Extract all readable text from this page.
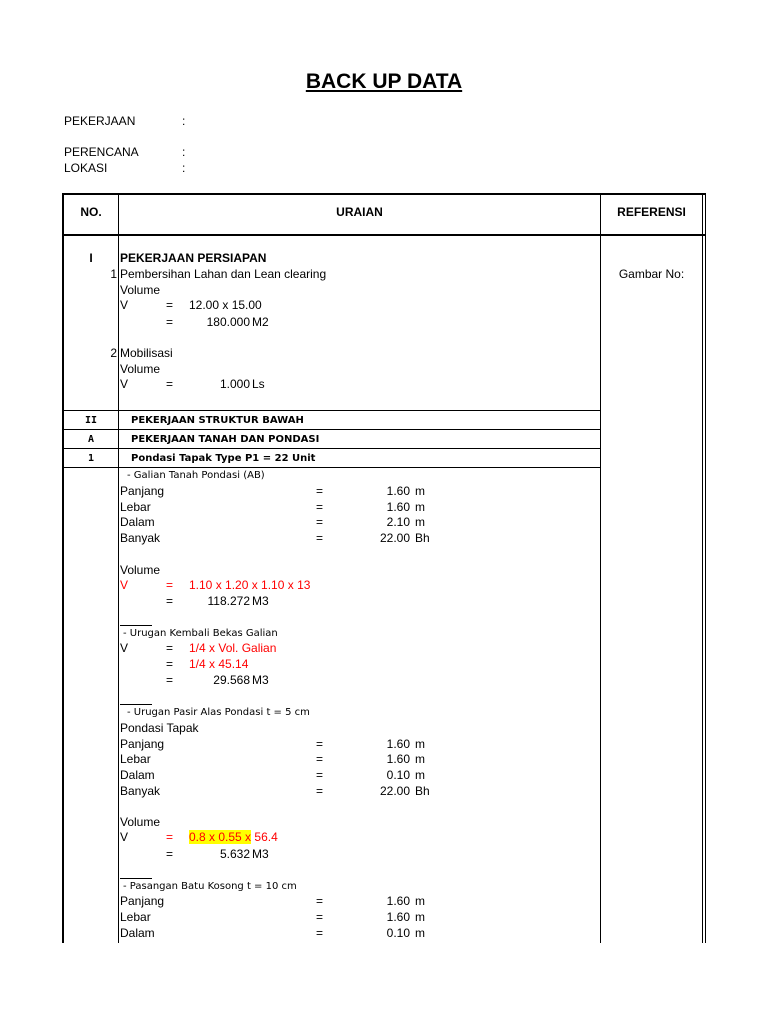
BACK UP DATA
PEKERJAAN	:
PERENCANA	:
LOKASI	:
NO.	URAIAN	REFERENSI
I	PEKERJAAN PERSIAPAN
1 Pembersihan Lahan dan Lean clearing	Gambar No:
Volume
V	= 12.00 x 15.00
=	180.000 M2
2 Mobilisasi
Volume
V	=	1.000 Ls
II	PEKERJAAN STRUKTUR BAWAH
A	PEKERJAAN TANAH DAN PONDASI
1	Pondasi Tapak Type P1 = 22 Unit
- Galian Tanah Pondasi (AB)
Panjang	=	1.60 m
Lebar	=	1.60 m
Dalam	=	2.10 m
Banyak	=	22.00 Bh
Volume
V	= 1.10 x 1.20 x 1.10 x 13
=	118.272 M3
- Urugan Kembali Bekas Galian
V	= 1/4 x Vol. Galian
= 1/4 x 45.14
=	29.568 M3
- Urugan Pasir Alas Pondasi t = 5 cm
Pondasi Tapak
Panjang	=	1.60 m
Lebar	=	1.60 m
Dalam	=	0.10 m
Banyak	=	22.00 Bh
Volume
V	= 0.8 x 0.55 x 56.4
=	5.632 M3
- Pasangan Batu Kosong t = 10 cm
Panjang	=	1.60 m
Lebar	=	1.60 m
Dalam	=	0.10 m
